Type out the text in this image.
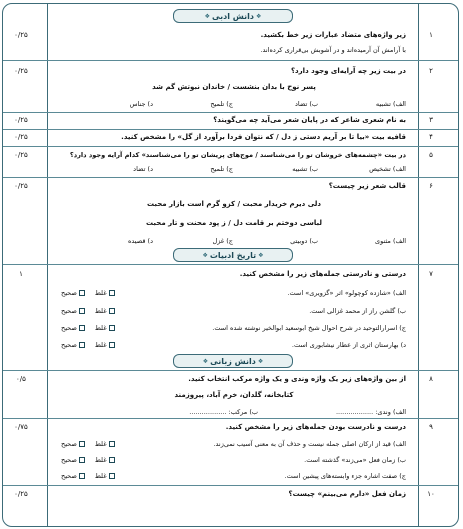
❖ دانش ادبی ❖
۱
۰/۲۵	زیر واژه‌های متضاد عبارات زیر خط بکشید.
با آرامش آن آرمیده‌اند و در آشوبش بی‌قراری کرده‌اند.
۲
۰/۲۵	در بیت زیر چه آرایه‌ای وجود دارد؟
پسر نوح با بدان بنشست / خاندان نبوتش گم شد
الف) تشبیه
ب) تضاد
ج) تلمیح
د) جناس
۳
۰/۲۵	به نام شعری شاعر که در پایان شعر می‌آید چه می‌گویند؟
۴
۰/۲۵	قافیه بیت «بیا تا بر آریم دستی ز دل / که نتوان فردا برآورد از گل» را مشخص کنید.
۵
۰/۲۵	در بیت «چشمه‌های خروشان تو را می‌شناسند / موج‌های پریشان تو را می‌شناسند» کدام آرایه وجود دارد؟
الف) تشخیص
ب) تشبیه
ج) تلمیح
د) تضاد
۶
۰/۲۵	قالب شعر زیر چیست؟
دلی دیرم خریدار محبت / کزو گرم است بازار محبت
لباسی دوختم بر قامت دل / ز پود محنت و تار محبت
الف) مثنوی
ب) دوبیتی
ج) غزل
د) قصیده
❖ تاریخ ادبیات ❖
۷
۱	درستی و نادرستی جمله‌های زیر را مشخص کنید.
الف) «شازده کوچولو» اثر «گزویری» است.
صحیح	غلط
ب) گلشن راز از محمد غزالی است.
صحیح	غلط
ج) اسرارالتوحید در شرح احوال شیخ ابوسعید ابوالخیر نوشته شده است.
صحیح	غلط
د) بهارستان اثری از عطار نیشابوری است.
صحیح	غلط
❖ دانش زبانی ❖
۸
۰/۵	از بین واژه‌های زیر یک واژه وندی و یک واژه مرکب انتخاب کنید.
کتابخانه، گلدان، خرم آباد، پیروزمند
الف) وندی: ..................
ب) مرکب: ..................
۹
۰/۷۵	درست و نادرست بودن جمله‌های زیر را مشخص کنید.
الف) قید از ارکان اصلی جمله نیست و حذف آن به معنی آسیب نمی‌زند.
صحیح	غلط
ب) زمان فعل «می‌زند» گذشته است.
صحیح	غلط
ج) صفت اشاره جزء وابسته‌های پیشین است.
صحیح	غلط
۱۰
۰/۲۵	زمان فعل «دارم می‌بینم» چیست؟
